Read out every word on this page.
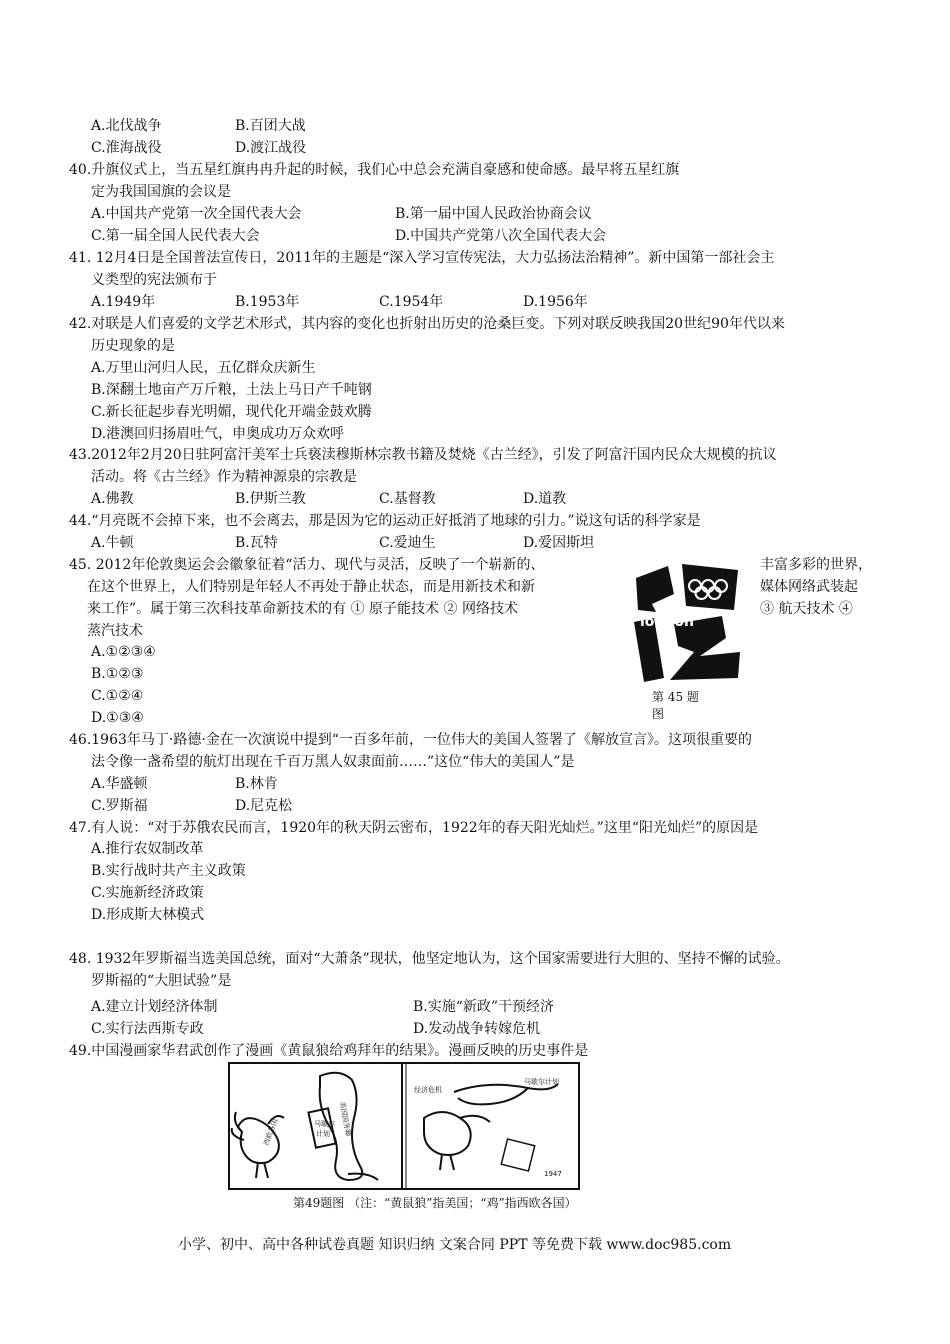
A.北伐战争	B.百团大战
C.淮海战役	D.渡江战役
40.升旗仪式上，当五星红旗冉冉升起的时候，我们心中总会充满自豪感和使命感。最早将五星红旗
定为我国国旗的会议是
A.中国共产党第一次全国代表大会	B.第一届中国人民政治协商会议
C.第一届全国人民代表大会	D.中国共产党第八次全国代表大会
41. 12月4日是全国普法宣传日，2011年的主题是“深入学习宣传宪法，大力弘扬法治精神”。新中国第一部社会主
义类型的宪法颁布于
A.1949年	B.1953年	C.1954年	D.1956年
42.对联是人们喜爱的文学艺术形式，其内容的变化也折射出历史的沧桑巨变。下列对联反映我国20世纪90年代以来
历史现象的是
A.万里山河归人民，五亿群众庆新生
B.深翻土地亩产万斤粮，土法上马日产千吨钢
C.新长征起步春光明媚，现代化开端金鼓欢腾
D.港澳回归扬眉吐气，申奥成功万众欢呼
43.2012年2月20日驻阿富汗美军士兵亵渎穆斯林宗教书籍及焚烧《古兰经》，引发了阿富汗国内民众大规模的抗议
活动。将《古兰经》作为精神源泉的宗教是
A.佛教	B.伊斯兰教	C.基督教	D.道教
44.“月亮既不会掉下来，也不会离去，那是因为它的运动正好抵消了地球的引力。”说这句话的科学家是
A.牛顿	B.瓦特	C.爱迪生	D.爱因斯坦
45. 2012年伦敦奥运会会徽象征着“活力、现代与灵活，反映了一个崭新的、	丰富多彩的世界，
在这个世界上，人们特别是年轻人不再处于静止状态，而是用新技术和新	媒体网络武装起
来工作”。属于第三次科技革命新技术的有 ① 原子能技术 ② 网络技术	③ 航天技术 ④
蒸汽技术
A.①②③④
B.①②③
C.①②④
D.①③④
london
第 45 题
图
46.1963年马丁·路德·金在一次演说中提到“一百多年前，一位伟大的美国人签署了《解放宣言》。这项很重要的
法令像一盏希望的航灯出现在千百万黑人奴隶面前……”这位“伟大的美国人”是
A.华盛顿	B.林肯
C.罗斯福	D.尼克松
47.有人说：“对于苏俄农民而言，1920年的秋天阴云密布，1922年的春天阳光灿烂。”这里“阳光灿烂”的原因是
A.推行农奴制改革
B.实行战时共产主义政策
C.实施新经济政策
D.形成斯大林模式
48. 1932年罗斯福当选美国总统，面对“大萧条”现状，他坚定地认为，这个国家需要进行大胆的、坚持不懈的试验。
罗斯福的“大胆试验”是
A.建立计划经济体制	B.实施“新政”干预经济
C.实行法西斯专政	D.发动战争转嫁危机
49.中国漫画家华君武创作了漫画《黄鼠狼给鸡拜年的结果》。漫画反映的历史事件是
西欧各国	美国国务卿
马歇尔
计划
经济危机
马歇尔计划
1947
第49题图 （注：“黄鼠狼”指美国；“鸡”指西欧各国）
小学、初中、高中各种试卷真题 知识归纳 文案合同 PPT 等免费下载 www.doc985.com
